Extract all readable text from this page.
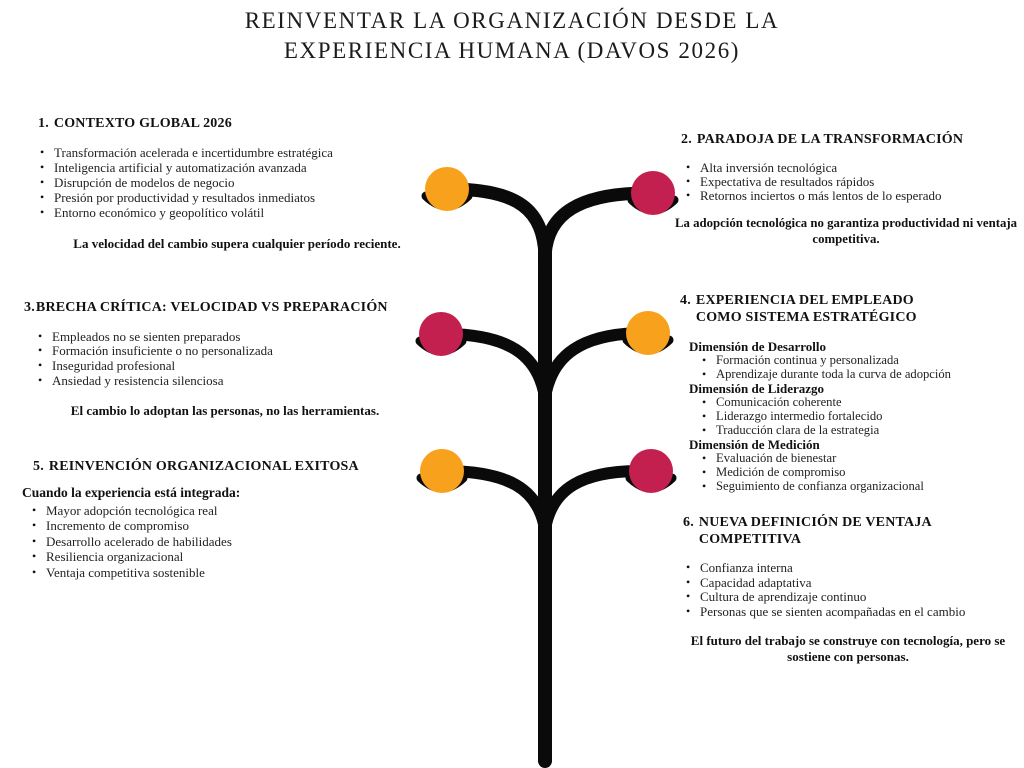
REINVENTAR LA ORGANIZACIÓN DESDE LA
EXPERIENCIA HUMANA (DAVOS 2026)
1. CONTEXTO GLOBAL 2026
• Transformación acelerada e incertidumbre estratégica
• Inteligencia artificial y automatización avanzada
• Disrupción de modelos de negocio
• Presión por productividad y resultados inmediatos
• Entorno económico y geopolítico volátil

La velocidad del cambio supera cualquier período reciente.

2. PARADOJA DE LA TRANSFORMACIÓN
• Alta inversión tecnológica
• Expectativa de resultados rápidos
• Retornos inciertos o más lentos de lo esperado

La adopción tecnológica no garantiza productividad ni ventaja competitiva.

3. BRECHA CRÍTICA: VELOCIDAD VS PREPARACIÓN
• Empleados no se sienten preparados
• Formación insuficiente o no personalizada
• Inseguridad profesional
• Ansiedad y resistencia silenciosa

El cambio lo adoptan las personas, no las herramientas.

4. EXPERIENCIA DEL EMPLEADO COMO SISTEMA ESTRATÉGICO

Dimensión de Desarrollo

• Formación continua y personalizada
• Aprendizaje durante toda la curva de adopción

Dimensión de Liderazgo

• Comunicación coherente
• Liderazgo intermedio fortalecido
• Traducción clara de la estrategia

Dimensión de Medición

• Evaluación de bienestar
• Medición de compromiso
• Seguimiento de confianza organizacional
5. REINVENCIÓN ORGANIZACIONAL EXITOSA

Cuando la experiencia está integrada:

• Mayor adopción tecnológica real
• Incremento de compromiso
• Desarrollo acelerado de habilidades
• Resiliencia organizacional
• Ventaja competitiva sostenible
6. NUEVA DEFINICIÓN DE VENTAJA COMPETITIVA
• Confianza interna
• Capacidad adaptativa
• Cultura de aprendizaje continuo
• Personas que se sienten acompañadas en el cambio

El futuro del trabajo se construye con tecnología, pero se sostiene con personas.
